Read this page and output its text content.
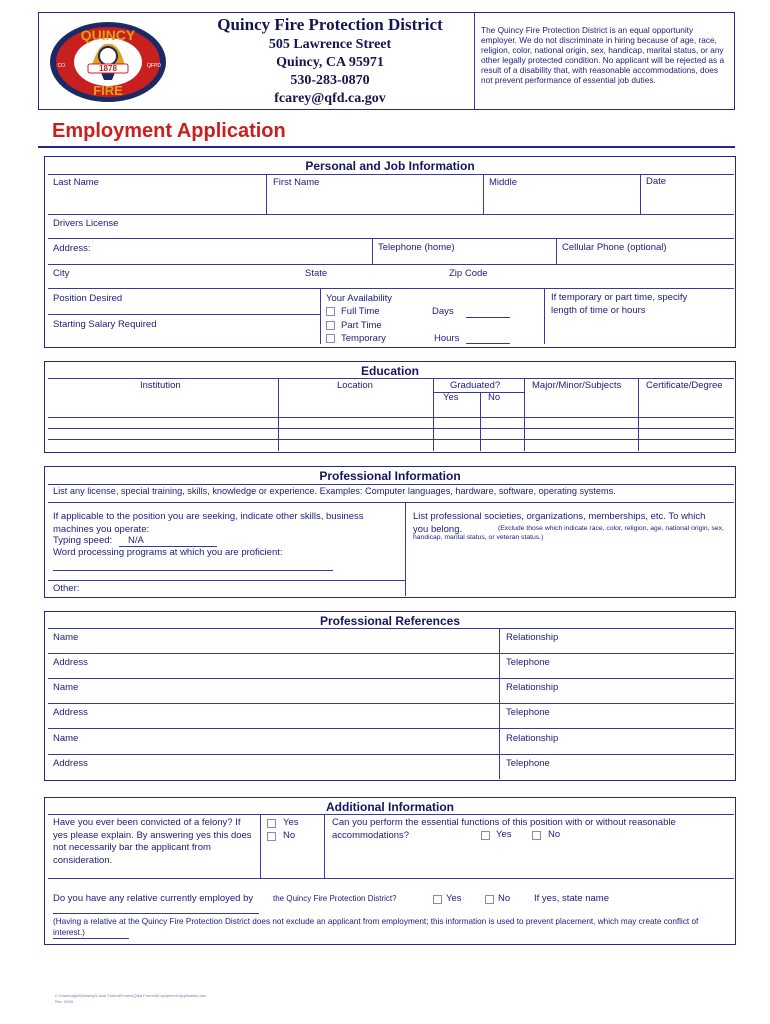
1878
QUINCY
FIRE
CO.	QFPD
Quincy Fire Protection District
505 Lawrence Street
Quincy, CA 95971
530-283-0870
fcarey@qfd.ca.gov
The Quincy Fire Protection District is an equal opportunity employer. We do not discriminate in hiring because of age, race, religion, color, national origin, sex, handicap, marital status, or any other legally protected condition. No applicant will be rejected as a result of a disability that, with reasonable accommodations, does not prevent performance of essential job duties.
Employment Application
Personal and Job Information
Last Name	First Name	Middle	Date
Drivers License
Address:	Telephone (home)	Cellular Phone (optional)
City	State	Zip Code
Position Desired
Starting Salary Required
Your Availability
Full Time
Part Time
Temporary
Days
Hours
If temporary or part time, specify length of time or hours
Education
Institution	Location	Graduated?	Major/Minor/Subjects	Certificate/Degree
Yes	No
Professional Information
List any license, special training, skills, knowledge or experience. Examples: Computer languages, hardware, software, operating systems.
If applicable to the position you are seeking, indicate other skills, business machines you operate:
Typing speed: N/A
Word processing programs at which you are proficient:
List professional societies, organizations, memberships, etc. To which you belong.	(Exclude those which indicate race, color, religion, age, national origin, sex, handicap, marital status, or veteran status.)
Other:
Professional References
Name	Relationship
Address	Telephone
Name	Relationship
Address	Telephone
Name	Relationship
Address	Telephone
Additional Information
Have you ever been convicted of a felony? If yes please explain. By answering yes this does not necessarily bar the applicant from consideration.
Yes
No
Can you perform the essential functions of this position with or without reasonable accommodations?	Yes	No
Do you have any relative currently employed by the Quincy Fire Protection District?	Yes	No	If yes, state name
(Having a relative at the Quincy Fire Protection District does not exclude an applicant from employment; this information is used to prevent placement, which may create conflict of interest.)
C:\Users\qfpd\Desktop\Local Shared\Forms\Qfpd Forms\Employment Application.doc
Rev. 2009
